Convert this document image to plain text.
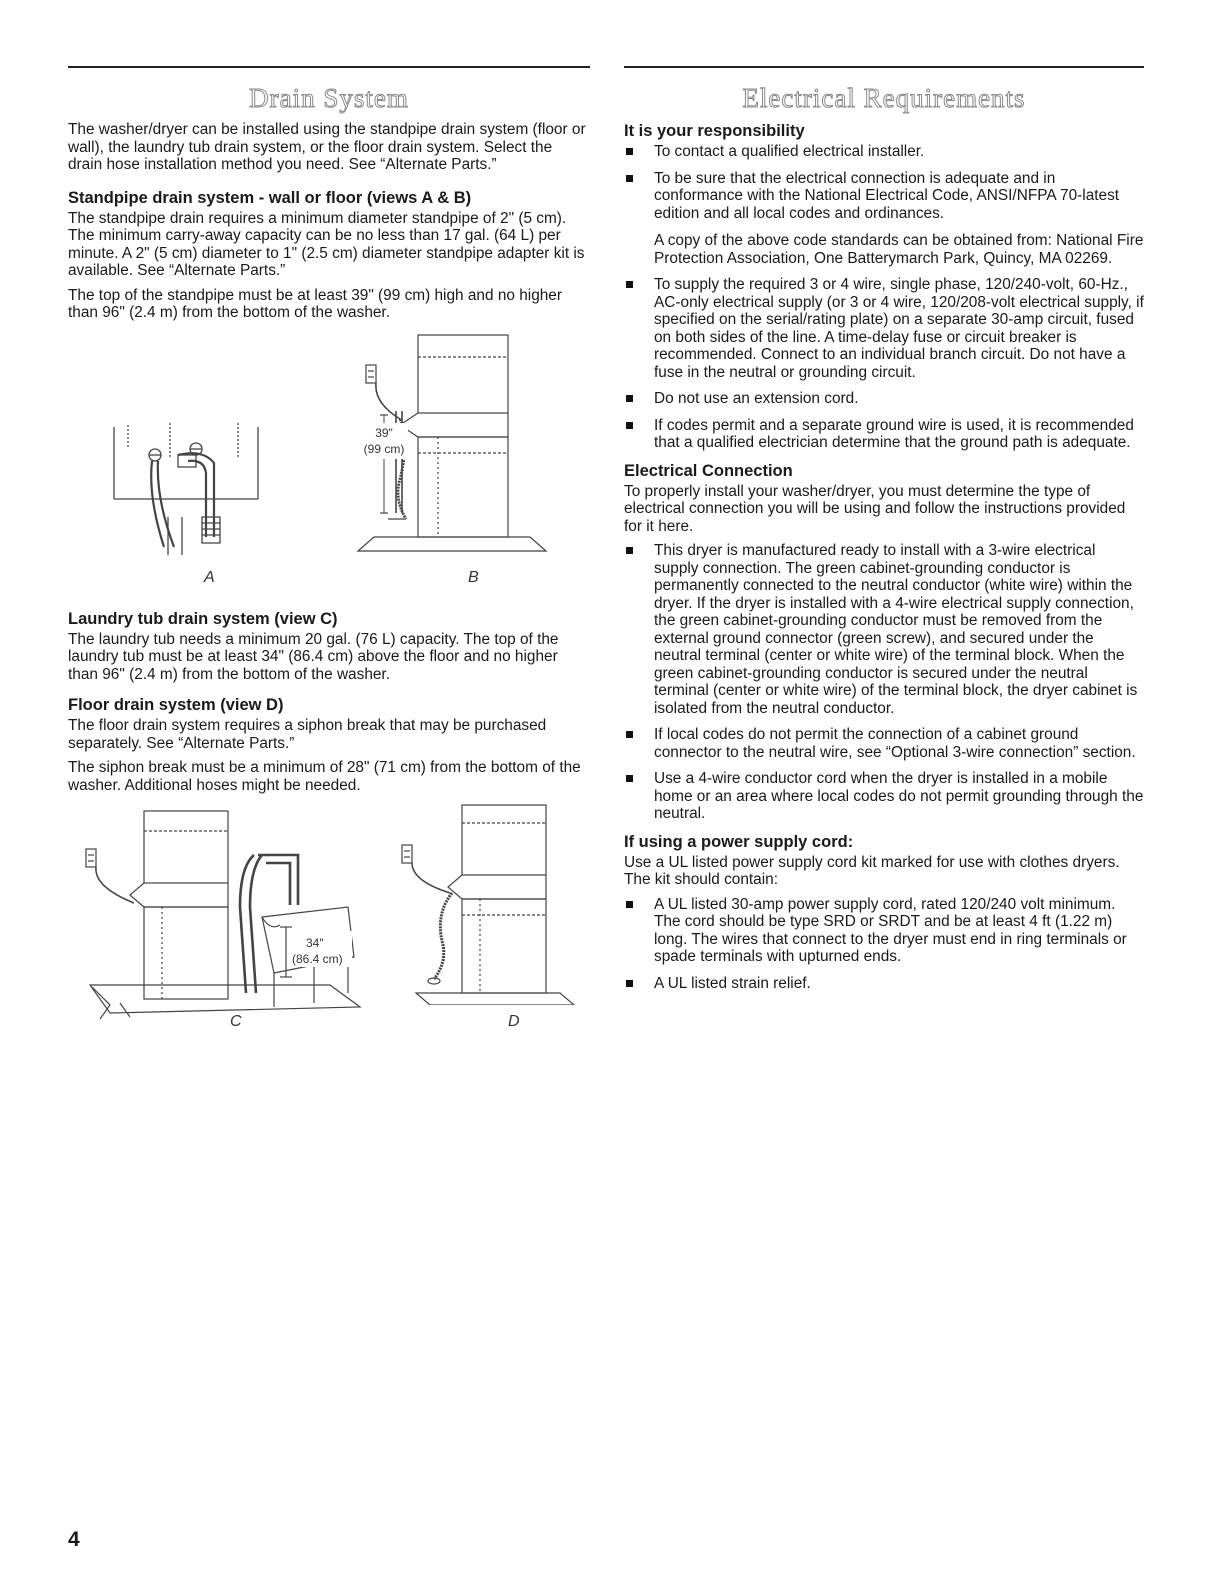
Drain System

The washer/dryer can be installed using the standpipe drain system (floor or wall), the laundry tub drain system, or the floor drain system. Select the drain hose installation method you need. See “Alternate Parts.”

Standpipe drain system - wall or floor (views A & B)

The standpipe drain requires a minimum diameter standpipe of 2" (5 cm). The minimum carry-away capacity can be no less than 17 gal. (64 L) per minute. A 2" (5 cm) diameter to 1" (2.5 cm) diameter standpipe adapter kit is available. See “Alternate Parts.”

The top of the standpipe must be at least 39" (99 cm) high and no higher than 96" (2.4 m) from the bottom of the washer.

A
39"
(99 cm)
B
Laundry tub drain system (view C)

The laundry tub needs a minimum 20 gal. (76 L) capacity. The top of the laundry tub must be at least 34" (86.4 cm) above the floor and no higher than 96" (2.4 m) from the bottom of the washer.

Floor drain system (view D)

The floor drain system requires a siphon break that may be purchased separately. See “Alternate Parts.”

The siphon break must be a minimum of 28" (71 cm) from the bottom of the washer. Additional hoses might be needed.

34"
(86.4 cm)
C	D
Electrical Requirements
It is your responsibility

To contact a qualified electrical installer.

To be sure that the electrical connection is adequate and in conformance with the National Electrical Code, ANSI/NFPA 70-latest edition and all local codes and ordinances.

A copy of the above code standards can be obtained from: National Fire Protection Association, One Batterymarch Park, Quincy, MA 02269.

To supply the required 3 or 4 wire, single phase, 120/240-volt, 60-Hz., AC-only electrical supply (or 3 or 4 wire, 120/208-volt electrical supply, if specified on the serial/rating plate) on a separate 30-amp circuit, fused on both sides of the line. A time-delay fuse or circuit breaker is recommended. Connect to an individual branch circuit. Do not have a fuse in the neutral or grounding circuit.

Do not use an extension cord.

If codes permit and a separate ground wire is used, it is recommended that a qualified electrician determine that the ground path is adequate.

Electrical Connection

To properly install your washer/dryer, you must determine the type of electrical connection you will be using and follow the instructions provided for it here.

This dryer is manufactured ready to install with a 3-wire electrical supply connection. The green cabinet-grounding conductor is permanently connected to the neutral conductor (white wire) within the dryer. If the dryer is installed with a 4-wire electrical supply connection, the green cabinet-grounding conductor must be removed from the external ground connector (green screw), and secured under the neutral terminal (center or white wire) of the terminal block. When the green cabinet-grounding conductor is secured under the neutral terminal (center or white wire) of the terminal block, the dryer cabinet is isolated from the neutral conductor.

If local codes do not permit the connection of a cabinet ground connector to the neutral wire, see “Optional 3-wire connection” section.

Use a 4-wire conductor cord when the dryer is installed in a mobile home or an area where local codes do not permit grounding through the neutral.

If using a power supply cord:

Use a UL listed power supply cord kit marked for use with clothes dryers. The kit should contain:

A UL listed 30-amp power supply cord, rated 120/240 volt minimum. The cord should be type SRD or SRDT and be at least 4 ft (1.22 m) long. The wires that connect to the dryer must end in ring terminals or spade terminals with upturned ends.

A UL listed strain relief.

4
